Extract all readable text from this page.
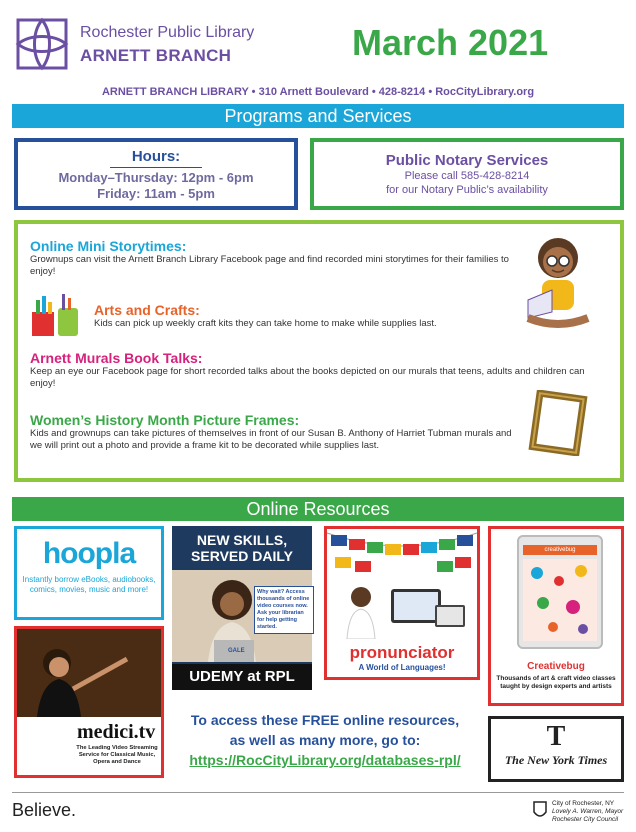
Rochester Public Library
ARNETT BRANCH	March 2021
ARNETT BRANCH LIBRARY • 310 Arnett Boulevard • 428-8214 • RocCityLibrary.org
Programs and Services
Hours:
Monday–Thursday: 12pm - 6pm
Friday: 11am - 5pm
Public Notary Services
Please call 585-428-8214
for our Notary Public’s availability
Online Mini Storytimes:
Grownups can visit the Arnett Branch Library Facebook page and find recorded mini storytimes for their families to enjoy!
Arts and Crafts:
Kids can pick up weekly craft kits they can take home to make while supplies last.
Arnett Murals Book Talks:
Keep an eye our Facebook page for short recorded talks about the books depicted on our murals that teens, adults and children can enjoy!
Women’s History Month Picture Frames:
Kids and grownups can take pictures of themselves in front of our Susan B. Anthony of Harriet Tubman murals and we will print out a photo and provide a frame kit to be decorated while supplies last.
Online Resources
hoopla
Instantly borrow eBooks, audiobooks, comics, movies, music and more!
NEW SKILLS,
SERVED DAILY
Why wait? Access thousands of online video courses now. Ask your librarian for help getting started.
GALE
UDEMY at RPL
pronunciator
A World of Languages!
creativebug
Creativebug
Thousands of art & craft video classes taught by design experts and artists
medici.tv
The Leading Video Streaming Service for Classical Music, Opera and Dance
To access these FREE online resources,
as well as many more, go to:
https://RocCityLibrary.org/databases-rpl/
T
The New York Times
Believe.	City of Rochester, NY
Lovely A. Warren, Mayor
Rochester City Council
